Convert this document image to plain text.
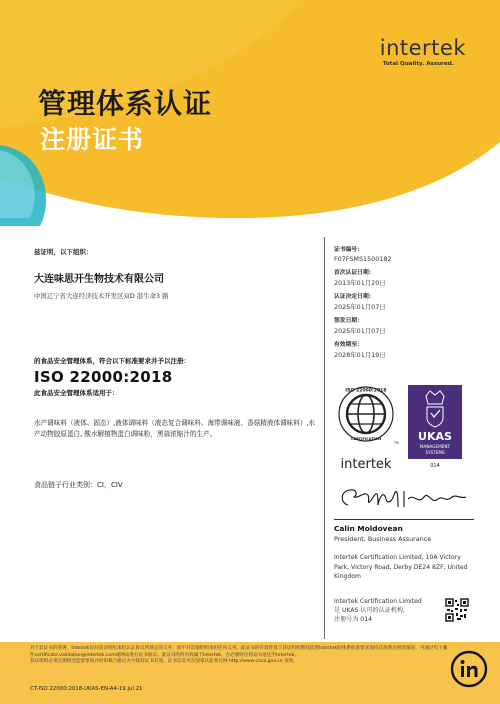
管理体系认证
注册证书
intertek
Total Quality. Assured.
兹证明，以下组织：
大连味思开生物技术有限公司
中国辽宁省大连经济技术开发区双D 港生命3 路
的食品安全管理体系，符合以下标准要求并予以注册：
ISO 22000:2018
此食品安全管理体系适用于：
水产调味料（液体、固态）,液体调味料（液态复合调味料、海带调味液、香菇精液体调味料）,水产动物胶原蛋白, 酸水解植物蛋白调味粉，黑蒜浓缩汁的生产。
食品链子行业类别：CI，CIV
证书编号：
F07FSMS1500182
首次认证日期：
2013年01月20日
认证决定日期：
2025年01月07日
签发日期：
2025年01月07日
有效期至：
2028年01月19日
ISO 22000:2018
CERTIFICATION
TM
intertek
UKAS
MANAGEMENT
SYSTEMS
014
Calin Moldovean
President, Business Assurance
Intertek Certification Limited, 10A Victory Park, Victory Road, Derby DE24 8ZF, United Kingdom
Intertek Certification Limited
是 UKAS 认可的认证机构,
注册号为 014
对于此证书的签署，Intertek仅对获证组织承担认证协议所规定的义务，而不对其他组织承担任何义务。此证书的有效性基于获证组织继续依照Intertek的体系标准要求保持其体系注册的情况，可通过电子邮件certificate.validation@intertek.com或网站进行证书验证。此证书的所有权属于Intertek，在必要时应将证书返还至Intertek。
获证组织必须定期接受监督审核并经审核合格后方可保持证书有效。证书信息可在国家认监委官网 http://www.cnca.gov.cn 查询。
CT-ISO 22000:2018-UKAS-EN-A4-19.jul.21
